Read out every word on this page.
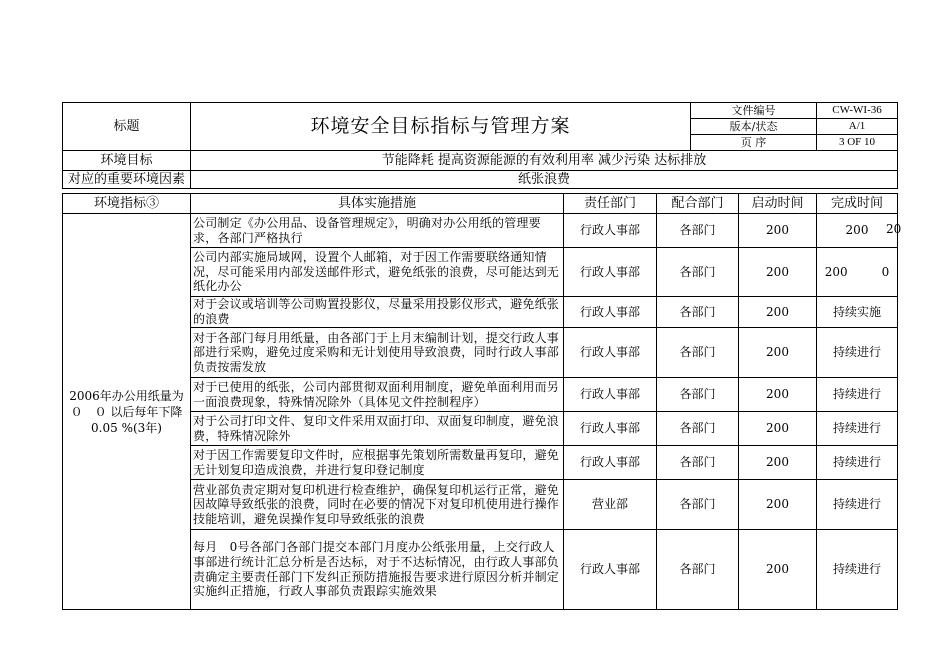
标题	环境安全目标指标与管理方案	文件编号	CW-WI-36
		版本/状态	A/1
		页 序	3 OF 10
环境目标	节能降耗 提高资源能源的有效利用率 减少污染 达标排放		
对应的重要环境因素	纸张浪费		
环境指标③	具体实施措施	责任部门	配合部门	启动时间	完成时间
2006年办公用纸量为　０　０ 以后每年下降0.05 %(3年)	公司制定《办公用品、设备管理规定》，明确对办公用纸的管理要求，各部门严格执行	行政人事部	各部门	200	200
	公司内部实施局域网，设置个人邮箱，对于因工作需要联络通知情况，尽可能采用内部发送邮件形式，避免纸张的浪费，尽可能达到无纸化办公	行政人事部	各部门	200	200 0
	对于会议或培训等公司购置投影仪，尽量采用投影仪形式，避免纸张的浪费	行政人事部	各部门	200	持续实施
	对于各部门每月用纸量，由各部门于上月末编制计划，提交行政人事部进行采购，避免过度采购和无计划使用导致浪费，同时行政人事部负责按需发放	行政人事部	各部门	200	持续进行
	对于已使用的纸张，公司内部贯彻双面利用制度，避免单面利用而另一面浪费现象，特殊情况除外（具体见文件控制程序）	行政人事部	各部门	200	持续进行
	对于公司打印文件、复印文件采用双面打印、双面复印制度，避免浪费，特殊情况除外	行政人事部	各部门	200	持续进行
	对于因工作需要复印文件时，应根据事先策划所需数量再复印，避免无计划复印造成浪费，并进行复印登记制度	行政人事部	各部门	200	持续进行
	营业部负责定期对复印机进行检查维护，确保复印机运行正常，避免因故障导致纸张的浪费，同时在必要的情况下对复印机使用进行操作技能培训，避免误操作复印导致纸张的浪费	营业部	各部门	200	持续进行
	每月　0号各部门各部门提交本部门月度办公纸张用量，上交行政人事部进行统计汇总分析是否达标，对于不达标情况，由行政人事部负责确定主要责任部门下发纠正预防措施报告要求进行原因分析并制定实施纠正措施，行政人事部负责跟踪实施效果	行政人事部	各部门	200	持续进行
20
